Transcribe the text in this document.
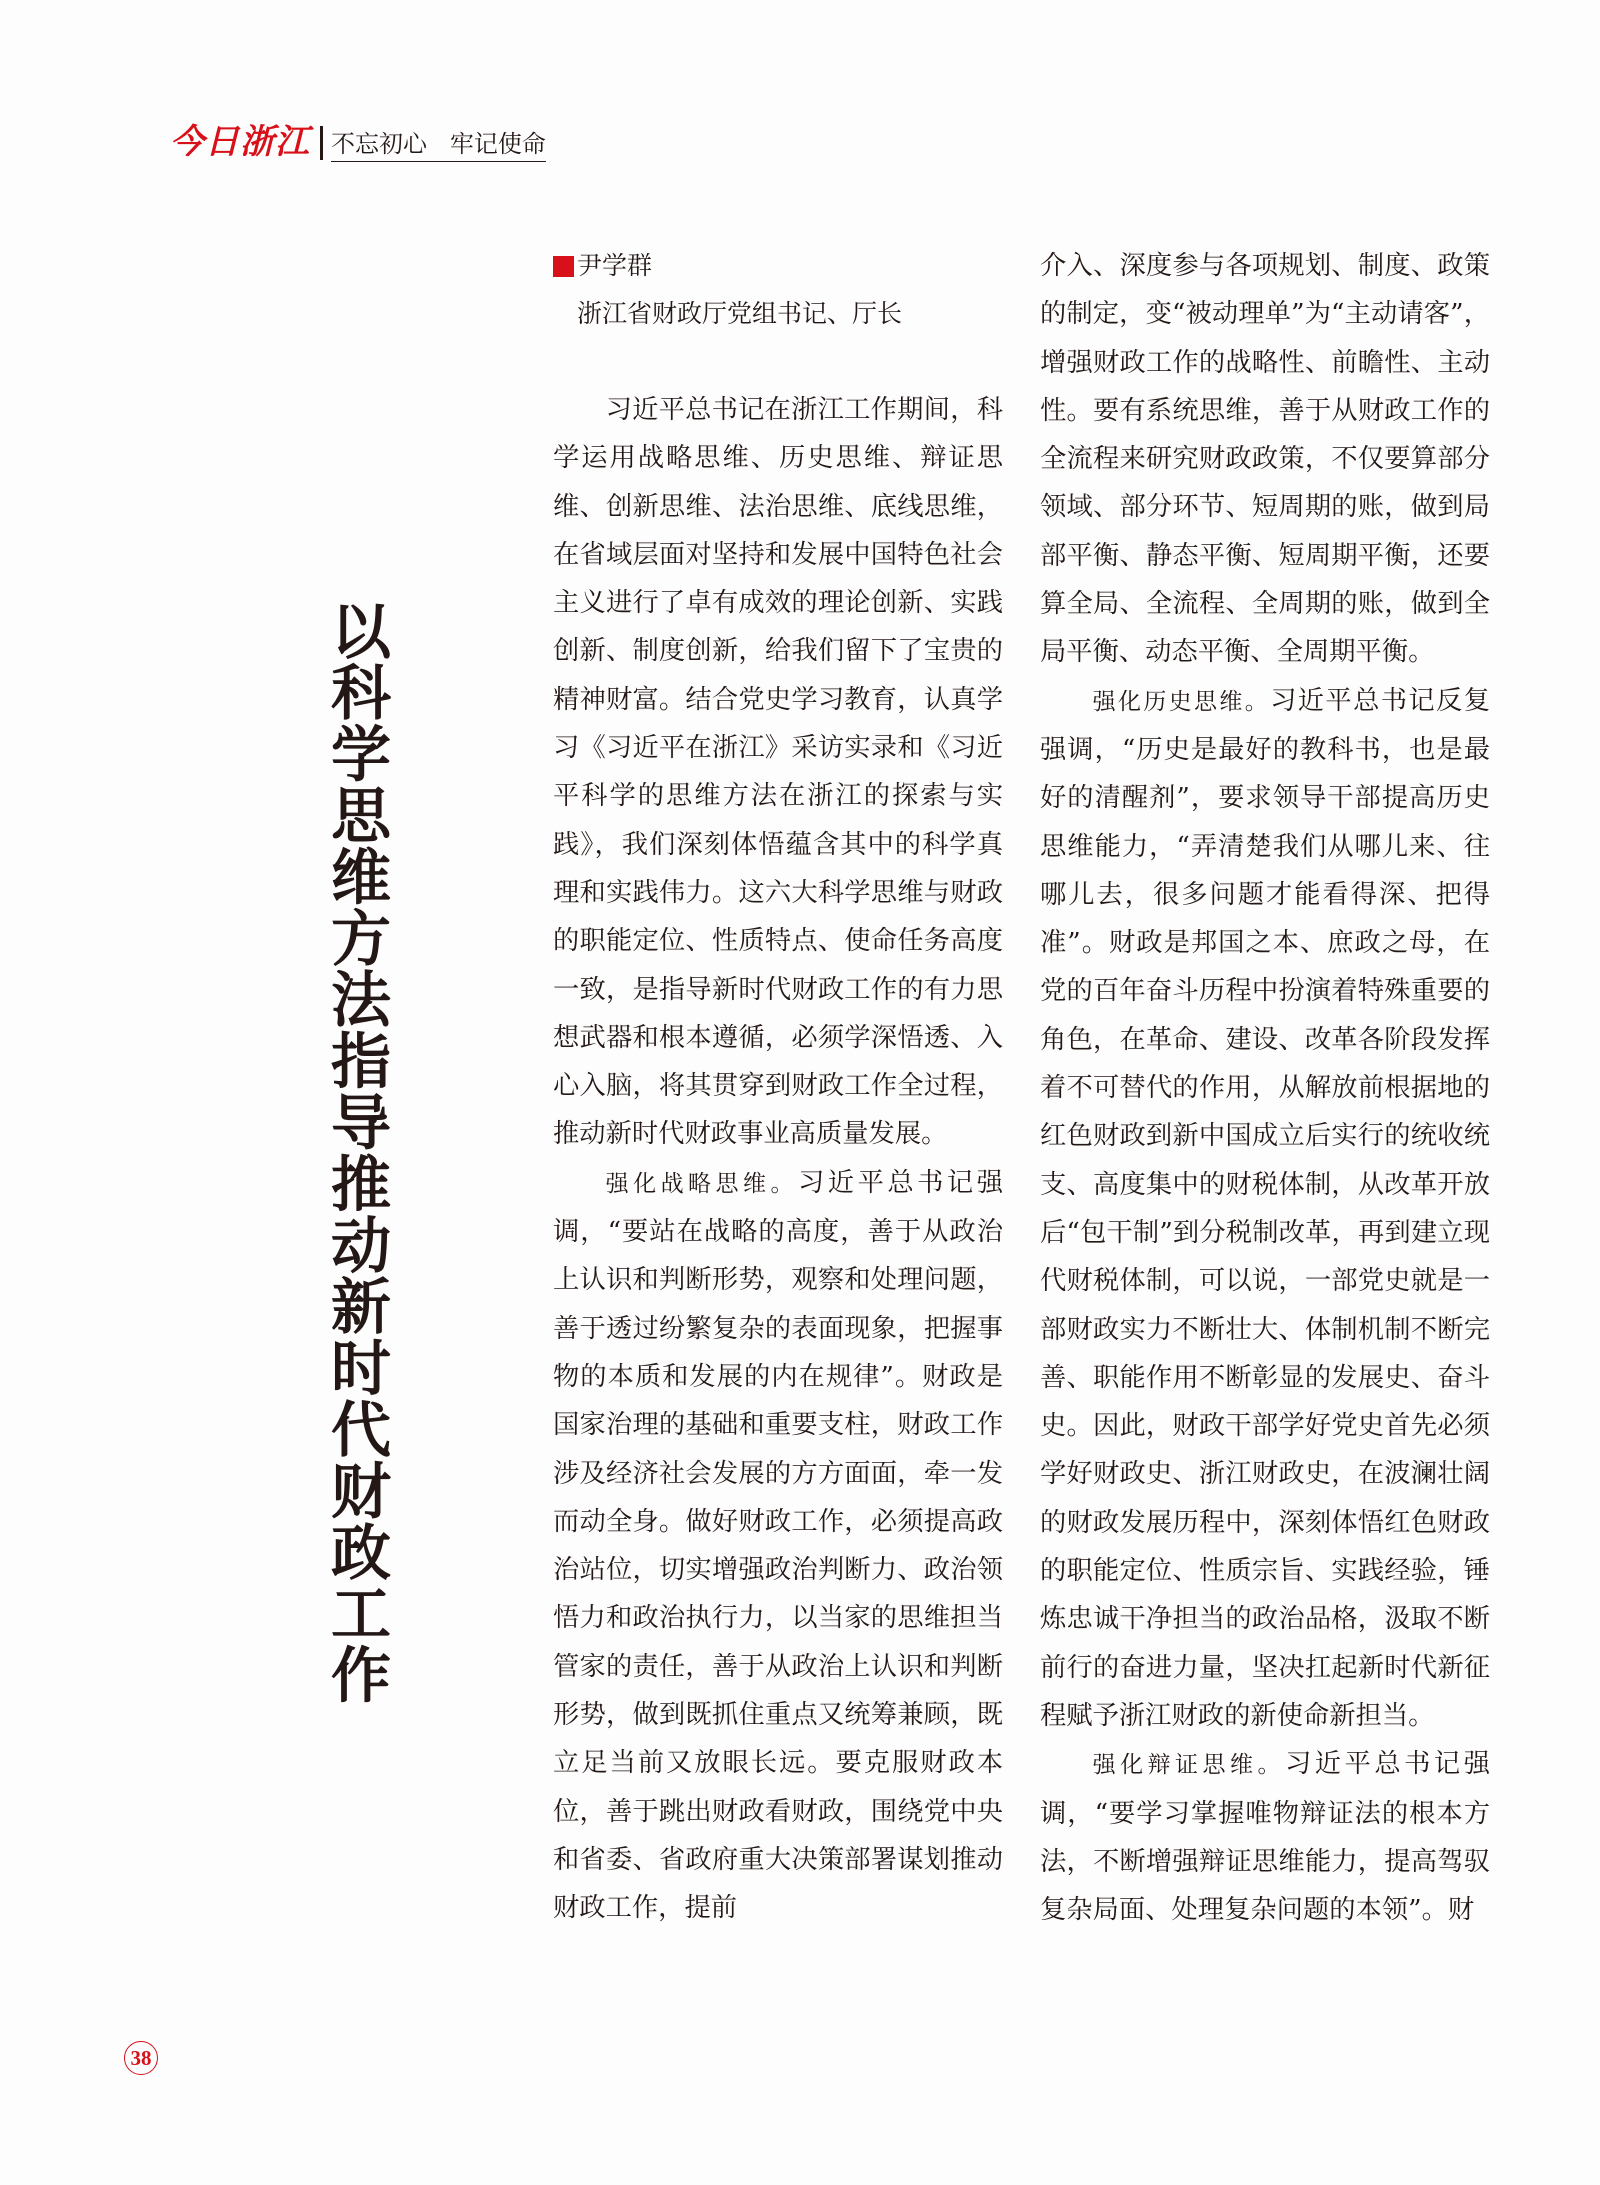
今日浙江 不忘初心   牢记使命
以科学思维方法指导推动新时代财政工作
尹学群
浙江省财政厅党组书记、厅长

习近平总书记在浙江工作期间，科学运用战略思维、历史思维、辩证思维、创新思维、法治思维、底线思维，在省域层面对坚持和发展中国特色社会主义进行了卓有成效的理论创新、实践创新、制度创新，给我们留下了宝贵的精神财富。结合党史学习教育，认真学习《习近平在浙江》采访实录和《习近平科学的思维方法在浙江的探索与实践》，我们深刻体悟蕴含其中的科学真理和实践伟力。这六大科学思维与财政的职能定位、性质特点、使命任务高度一致，是指导新时代财政工作的有力思想武器和根本遵循，必须学深悟透、入心入脑，将其贯穿到财政工作全过程，推动新时代财政事业高质量发展。

强化战略思维。习近平总书记强调，“要站在战略的高度，善于从政治上认识和判断形势，观察和处理问题，善于透过纷繁复杂的表面现象，把握事物的本质和发展的内在规律”。财政是国家治理的基础和重要支柱，财政工作涉及经济社会发展的方方面面，牵一发而动全身。做好财政工作，必须提高政治站位，切实增强政治判断力、政治领悟力和政治执行力，以当家的思维担当管家的责任，善于从政治上认识和判断形势，做到既抓住重点又统筹兼顾，既立足当前又放眼长远。要克服财政本位，善于跳出财政看财政，围绕党中央和省委、省政府重大决策部署谋划推动财政工作，提前

介入、深度参与各项规划、制度、政策的制定，变“被动理单”为“主动请客”，增强财政工作的战略性、前瞻性、主动性。要有系统思维，善于从财政工作的全流程来研究财政政策，不仅要算部分领域、部分环节、短周期的账，做到局部平衡、静态平衡、短周期平衡，还要算全局、全流程、全周期的账，做到全局平衡、动态平衡、全周期平衡。

强化历史思维。习近平总书记反复强调，“历史是最好的教科书，也是最好的清醒剂”，要求领导干部提高历史思维能力，“弄清楚我们从哪儿来、往哪儿去，很多问题才能看得深、把得准”。财政是邦国之本、庶政之母，在党的百年奋斗历程中扮演着特殊重要的角色，在革命、建设、改革各阶段发挥着不可替代的作用，从解放前根据地的红色财政到新中国成立后实行的统收统支、高度集中的财税体制，从改革开放后“包干制”到分税制改革，再到建立现代财税体制，可以说，一部党史就是一部财政实力不断壮大、体制机制不断完善、职能作用不断彰显的发展史、奋斗史。因此，财政干部学好党史首先必须学好财政史、浙江财政史，在波澜壮阔的财政发展历程中，深刻体悟红色财政的职能定位、性质宗旨、实践经验，锤炼忠诚干净担当的政治品格，汲取不断前行的奋进力量，坚决扛起新时代新征程赋予浙江财政的新使命新担当。

强化辩证思维。习近平总书记强调，“要学习掌握唯物辩证法的根本方法，不断增强辩证思维能力，提高驾驭复杂局面、处理复杂问题的本领”。财

38
